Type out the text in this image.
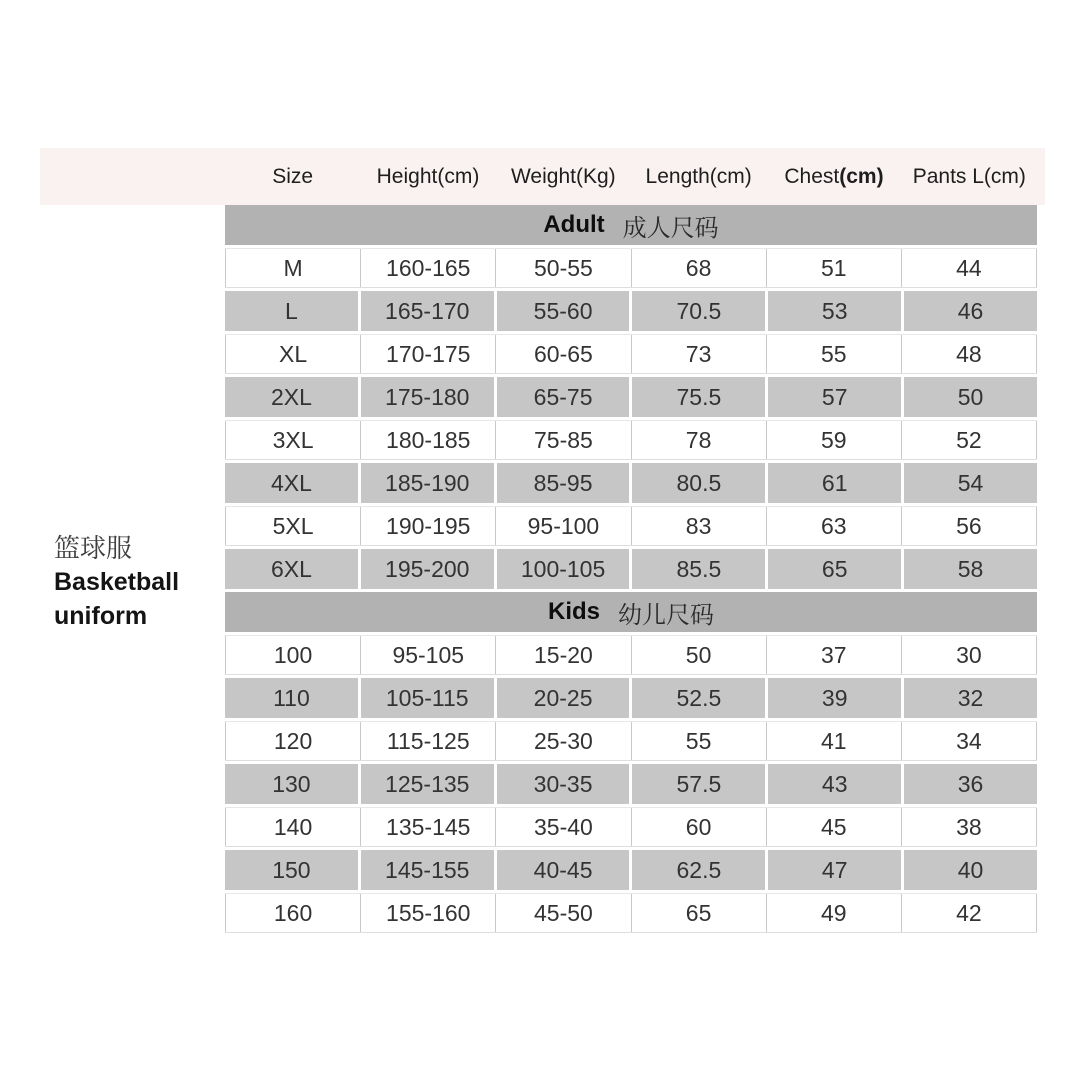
篮球服
Basketball
uniform
Size	Height(cm) Weight(Kg) Length(cm) Chest (cm) Pants L(cm)
Adult 成人尺码
M	160-165	50-55	68	51	44
L	165-170	55-60	70.5	53	46
XL	170-175	60-65	73	55	48
2XL	175-180	65-75	75.5	57	50
3XL	180-185	75-85	78	59	52
4XL	185-190	85-95	80.5	61	54
5XL	190-195	95-100	83	63	56
6XL	195-200	100-105	85.5	65	58
Kids 幼儿尺码
100	95-105	15-20	50	37	30
110	105-115	20-25	52.5	39	32
120	115-125	25-30	55	41	34
130	125-135	30-35	57.5	43	36
140	135-145	35-40	60	45	38
150	145-155	40-45	62.5	47	40
160	155-160	45-50	65	49	42
